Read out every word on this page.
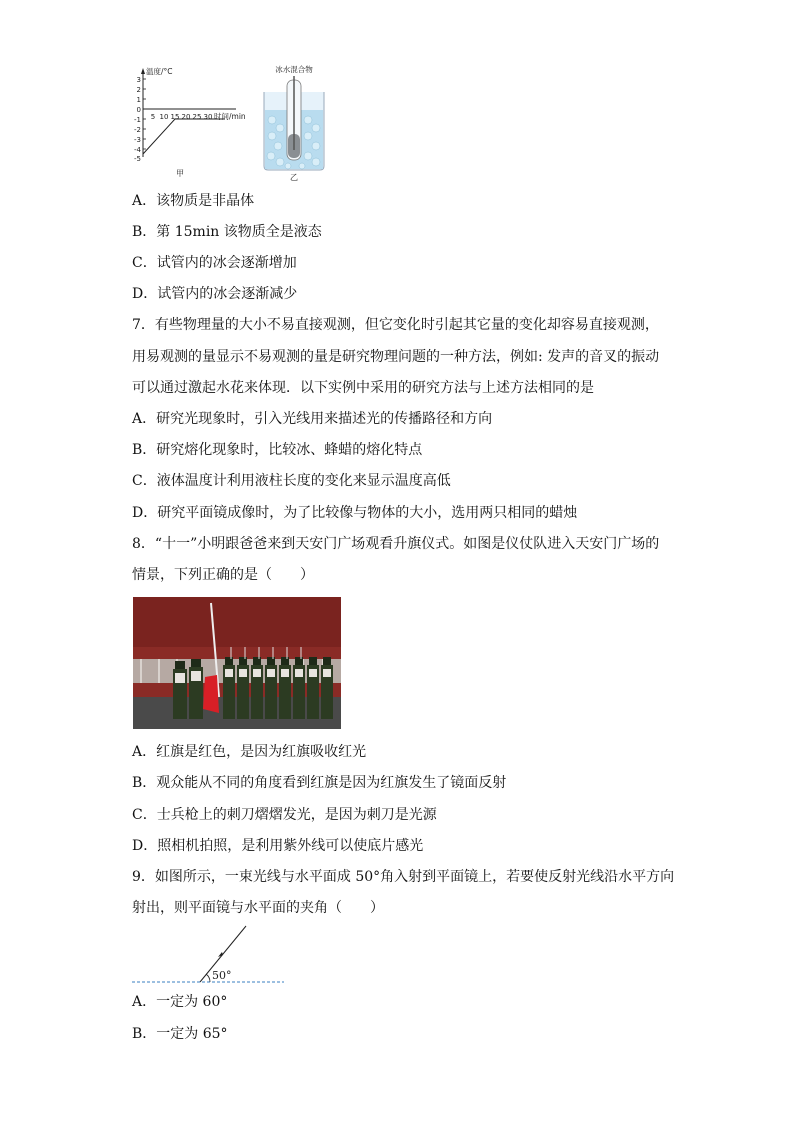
3
2
1
0
-1
-2
-3
-4
-5
5 10 15 20 25 30
温度/°C
时间/min
甲
冰水混合物
乙
A．该物质是非晶体
B．第 15min 该物质全是液态
C．试管内的冰会逐渐增加
D．试管内的冰会逐渐减少
7．有些物理量的大小不易直接观测，但它变化时引起其它量的变化却容易直接观测，
用易观测的量显示不易观测的量是研究物理问题的一种方法，例如: 发声的音叉的振动
可以通过激起水花来体现．以下实例中采用的研究方法与上述方法相同的是
A．研究光现象时，引入光线用来描述光的传播路径和方向
B．研究熔化现象时，比较冰、蜂蜡的熔化特点
C．液体温度计利用液柱长度的变化来显示温度高低
D．研究平面镜成像时，为了比较像与物体的大小，选用两只相同的蜡烛
8．“十一”小明跟爸爸来到天安门广场观看升旗仪式。如图是仪仗队进入天安门广场的
情景，下列正确的是（　　）
A．红旗是红色，是因为红旗吸收红光
B．观众能从不同的角度看到红旗是因为红旗发生了镜面反射
C．士兵枪上的刺刀熠熠发光，是因为刺刀是光源
D．照相机拍照，是利用紫外线可以使底片感光
9．如图所示，一束光线与水平面成 50°角入射到平面镜上，若要使反射光线沿水平方向
射出，则平面镜与水平面的夹角（　　）
50°
A．一定为 60°
B．一定为 65°
